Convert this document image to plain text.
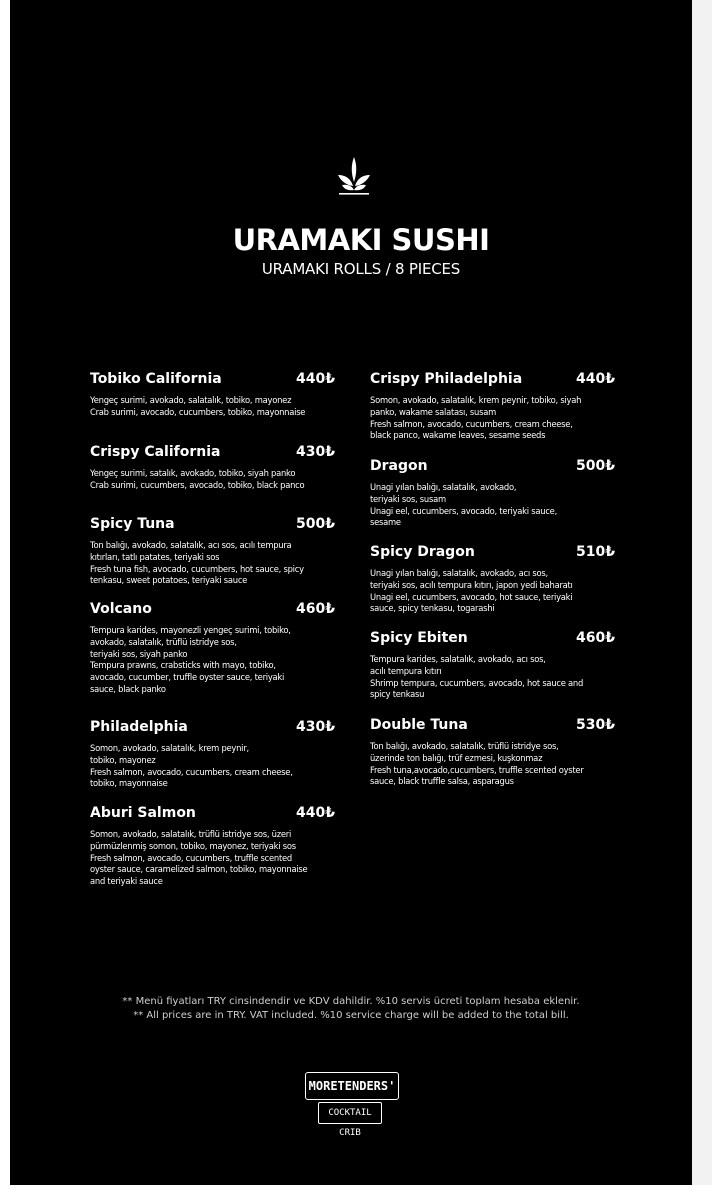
URAMAKI SUSHI
URAMAKI ROLLS / 8 PIECES
Tobiko California	440₺
Yengeç surimi, avokado, salatalık, tobiko, mayonez
Crab surimi, avocado, cucumbers, tobiko, mayonnaise
Crispy California	430₺
Yengeç surimi, satalık, avokado, tobiko, siyah panko
Crab surimi, cucumbers, avocado, tobiko, black panco
Spicy Tuna	500₺
Ton balığı, avokado, salatalık, acı sos, acılı tempura
kıtırları, tatlı patates, teriyaki sos
Fresh tuna fish, avocado, cucumbers, hot sauce, spicy
tenkasu, sweet potatoes, teriyaki sauce
Volcano	460₺
Tempura karides, mayonezli yengeç surimi, tobiko,
avokado, salatalık, trüflü istridye sos,
teriyaki sos, siyah panko
Tempura prawns, crabsticks with mayo, tobiko,
avocado, cucumber, truffle oyster sauce, teriyaki
sauce, black panko
Philadelphia	430₺
Somon, avokado, salatalık, krem peynir,
tobiko, mayonez
Fresh salmon, avocado, cucumbers, cream cheese,
tobiko, mayonnaise
Aburi Salmon	440₺
Somon, avokado, salatalık, trüflü istridye sos, üzeri
pürmüzlenmiş somon, tobiko, mayonez, teriyaki sos
Fresh salmon, avocado, cucumbers, truffle scented
oyster sauce, caramelized salmon, tobiko, mayonnaise
and teriyaki sauce
Crispy Philadelphia	440₺
Somon, avokado, salatalık, krem peynir, tobiko, siyah
panko, wakame salatası, susam
Fresh salmon, avocado, cucumbers, cream cheese,
black panco, wakame leaves, sesame seeds
Dragon	500₺
Unagi yılan balığı, salatalık, avokado,
teriyaki sos, susam
Unagi eel, cucumbers, avocado, teriyaki sauce,
sesame
Spicy Dragon	510₺
Unagi yılan balığı, salatalık, avokado, acı sos,
teriyaki sos, acılı tempura kıtırı, japon yedi baharatı
Unagi eel, cucumbers, avocado, hot sauce, teriyaki
sauce, spicy tenkasu, togarashi
Spicy Ebiten	460₺
Tempura karides, salatalık, avokado, acı sos,
acılı tempura kıtırı
Shrimp tempura, cucumbers, avocado, hot sauce and
spicy tenkasu
Double Tuna	530₺
Ton balığı, avokado, salatalık, trüflü istridye sos,
üzerinde ton balığı, trüf ezmesi, kuşkonmaz
Fresh tuna,avocado,cucumbers, truffle scented oyster
sauce, black truffle salsa, asparagus
** Menü fiyatları TRY cinsindendir ve KDV dahildir. %10 servis ücreti toplam hesaba eklenir.
** All prices are in TRY. VAT included. %10 service charge will be added to the total bill.
MORETENDERS'
COCKTAIL CRIB
